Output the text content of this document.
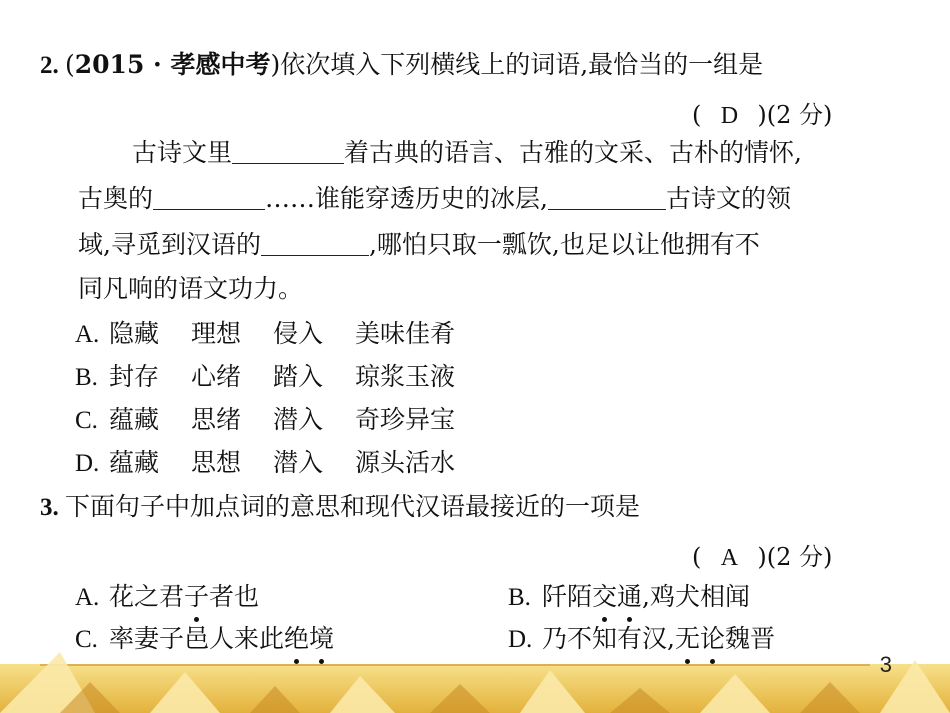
2. (2015 · 孝感中考)依次填入下列横线上的词语,最恰当的一组是
( D )(2 分)
古诗文里	着古典的语言、古雅的文采、古朴的情怀,
古奥的	……谁能穿透历史的冰层,	古诗文的领
域,寻觅到汉语的	,哪怕只取一瓢饮,也足以让他拥有不
同凡响的语文功力。
A. 隐藏 理想 侵入 美味佳肴
B. 封存 心绪 踏入 琼浆玉液
C. 蕴藏 思绪 潜入 奇珍异宝
D. 蕴藏 思想 潜入 源头活水
3. 下面句子中加点词的意思和现代汉语最接近的一项是
( A )(2 分)
A. 花之君子者也	B. 阡陌交通,鸡犬相闻
C. 率妻子邑人来此绝境	D. 乃不知有汉,无论魏晋
3
